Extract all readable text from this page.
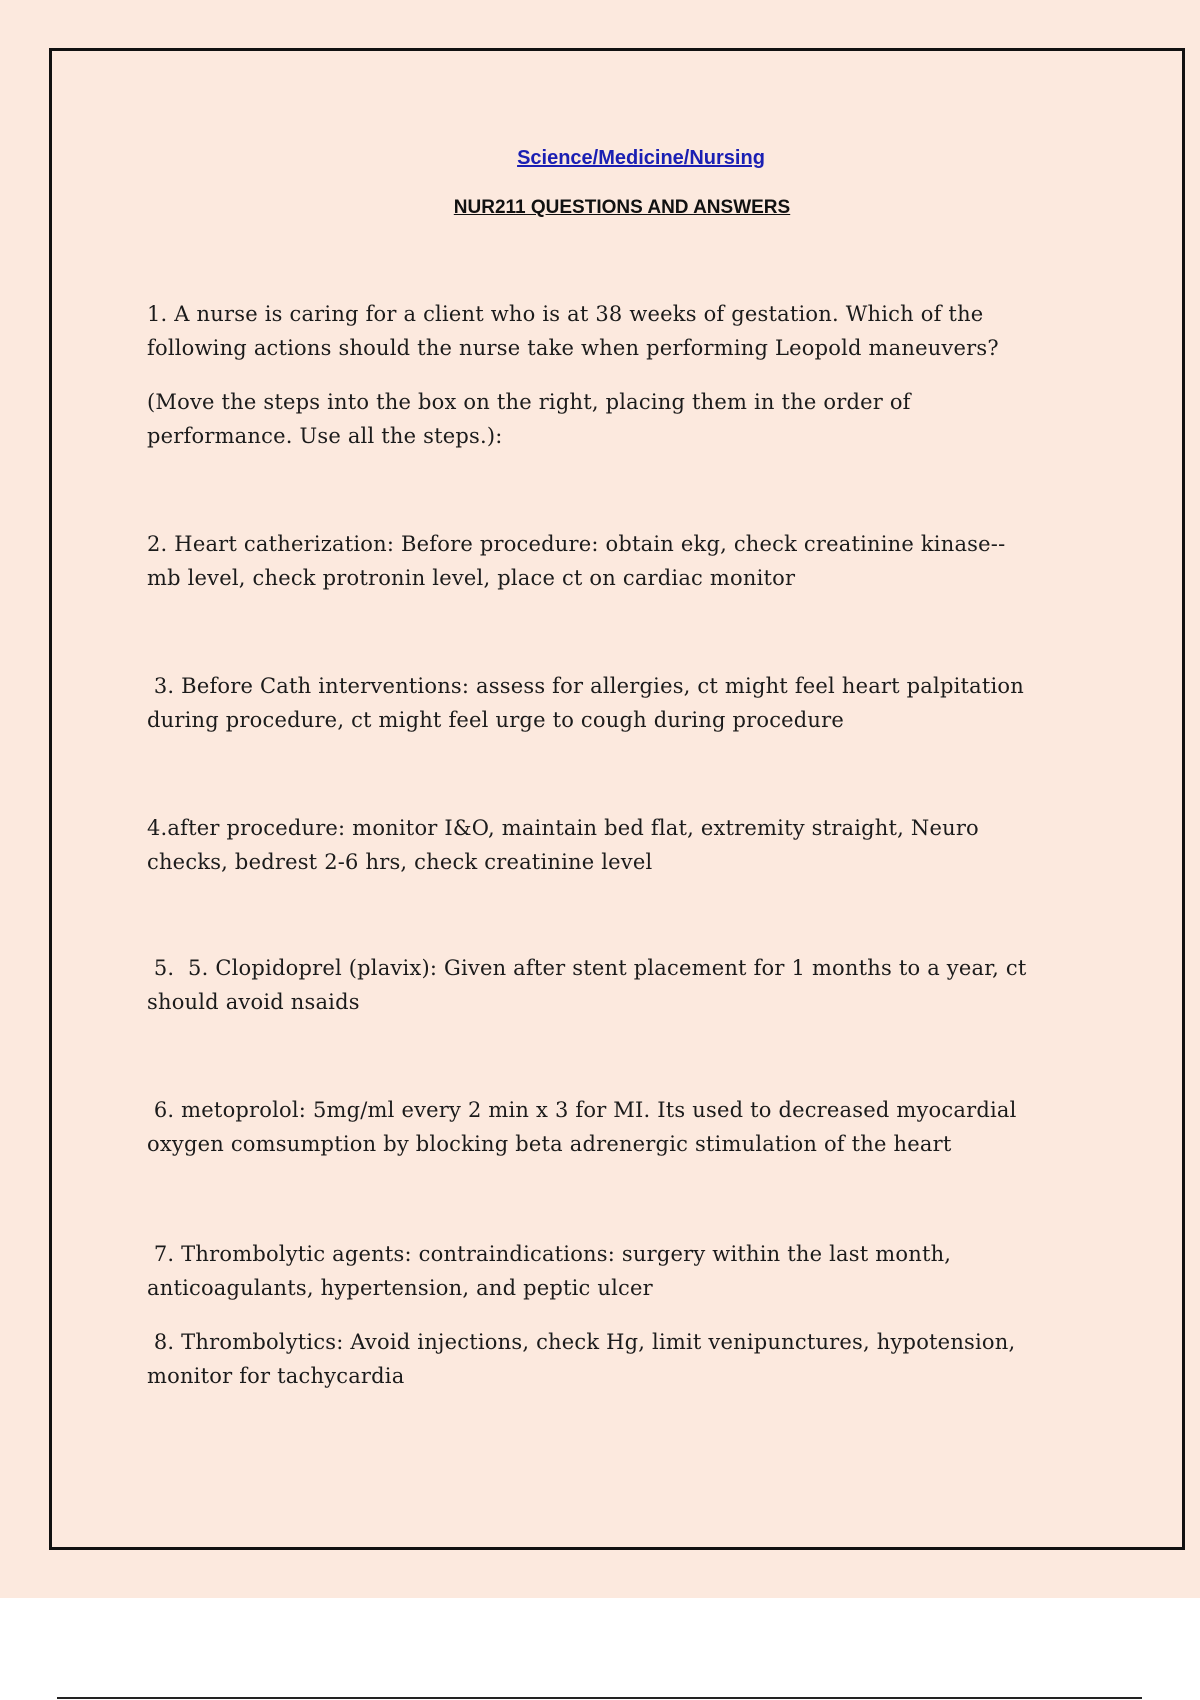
Science/Medicine/Nursing
NUR211 QUESTIONS AND ANSWERS
1. A nurse is caring for a client who is at 38 weeks of gestation. Which of the
following actions should the nurse take when performing Leopold maneuvers?
(Move the steps into the box on the right, placing them in the order of
performance. Use all the steps.):
2. Heart catherization: Before procedure: obtain ekg, check creatinine kinase--
mb level, check protronin level, place ct on cardiac monitor
3. Before Cath interventions: assess for allergies, ct might feel heart palpitation
during procedure, ct might feel urge to cough during procedure
4.after procedure: monitor I&O, maintain bed flat, extremity straight, Neuro
checks, bedrest 2-6 hrs, check creatinine level
5.  5. Clopidoprel (plavix): Given after stent placement for 1 months to a year, ct
should avoid nsaids
6. metoprolol: 5mg/ml every 2 min x 3 for MI. Its used to decreased myocardial
oxygen comsumption by blocking beta adrenergic stimulation of the heart
7. Thrombolytic agents: contraindications: surgery within the last month,
anticoagulants, hypertension, and peptic ulcer
8. Thrombolytics: Avoid injections, check Hg, limit venipunctures, hypotension,
monitor for tachycardia
